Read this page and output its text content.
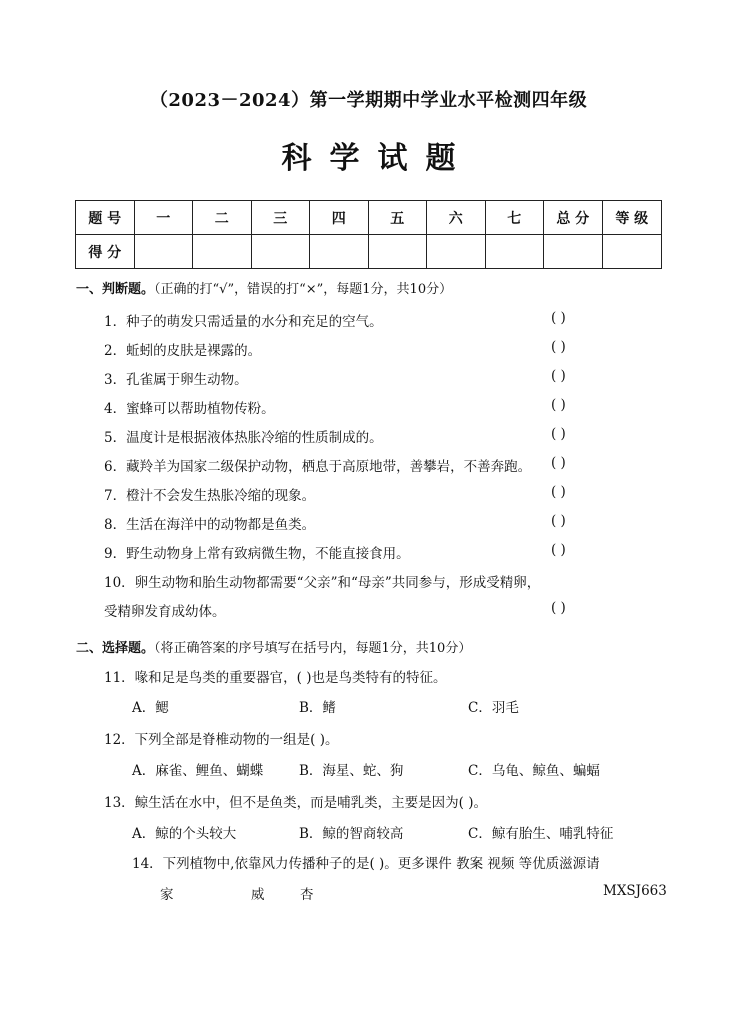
（2023－2024）第一学期期中学业水平检测四年级
科学试题
题 号	一	二	三	四	五	六	七	总 分	等 级
得 分									
一、判断题。（正确的打“√”，错误的打“×”，每题1分，共10分）
1．种子的萌发只需适量的水分和充足的空气。	( )
2．蚯蚓的皮肤是裸露的。	( )
3．孔雀属于卵生动物。	( )
4．蜜蜂可以帮助植物传粉。	( )
5．温度计是根据液体热胀冷缩的性质制成的。	( )
6．藏羚羊为国家二级保护动物，栖息于高原地带，善攀岩，不善奔跑。 ( )
7．橙汁不会发生热胀冷缩的现象。	( )
8．生活在海洋中的动物都是鱼类。	( )
9．野生动物身上常有致病微生物，不能直接食用。	( )
10．卵生动物和胎生动物都需要“父亲”和“母亲”共同参与，形成受精卵，
受精卵发育成幼体。	( )
二、选择题。（将正确答案的序号填写在括号内，每题1分，共10分）
11．喙和足是鸟类的重要器官，( )也是鸟类特有的特征。
A．鳃	B．鳍	C．羽毛
12．下列全部是脊椎动物的一组是( )。
A．麻雀、鲤鱼、蝴蝶	B．海星、蛇、狗	C．乌龟、鲸鱼、蝙蝠
13．鲸生活在水中，但不是鱼类，而是哺乳类，主要是因为( )。
A．鲸的个头较大	B．鲸的智商较高	C．鲸有胎生、哺乳特征
14．下列植物中,依靠风力传播种子的是( )。更多课件 教案 视频 等优质滋源请
家	威	杏	MXSJ663
